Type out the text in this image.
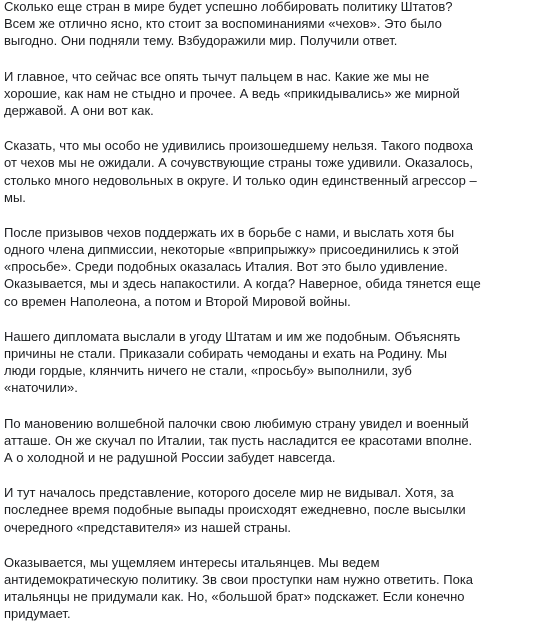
Сколько еще стран в мире будет успешно лоббировать политику Штатов?
Всем же отлично ясно, кто стоит за воспоминаниями «чехов». Это было
выгодно. Они подняли тему. Взбудоражили мир. Получили ответ.
И главное, что сейчас все опять тычут пальцем в нас. Какие же мы не
хорошие, как нам не стыдно и прочее. А ведь «прикидывались» же мирной
державой. А они вот как.
Сказать, что мы особо не удивились произошедшему нельзя. Такого подвоха
от чехов мы не ожидали. А сочувствующие страны тоже удивили. Оказалось,
столько много недовольных в округе. И только один единственный агрессор –
мы.
После призывов чехов поддержать их в борьбе с нами, и выслать хотя бы
одного члена дипмиссии, некоторые «вприпрыжку» присоединились к этой
«просьбе». Среди подобных оказалась Италия. Вот это было удивление.
Оказывается, мы и здесь напакостили. А когда? Наверное, обида тянется еще
со времен Наполеона, а потом и Второй Мировой войны.
Нашего дипломата выслали в угоду Штатам и им же подобным. Объяснять
причины не стали. Приказали собирать чемоданы и ехать на Родину. Мы
люди гордые, клянчить ничего не стали, «просьбу» выполнили, зуб
«наточили».
По мановению волшебной палочки свою любимую страну увидел и военный
атташе. Он же скучал по Италии, так пусть насладится ее красотами вполне.
А о холодной и не радушной России забудет навсегда.
И тут началось представление, которого доселе мир не видывал. Хотя, за
последнее время подобные выпады происходят ежедневно, после высылки
очередного «представителя» из нашей страны.
Оказывается, мы ущемляем интересы итальянцев. Мы ведем
антидемократическую политику. Зв свои проступки нам нужно ответить. Пока
итальянцы не придумали как. Но, «большой брат» подскажет. Если конечно
придумает.
